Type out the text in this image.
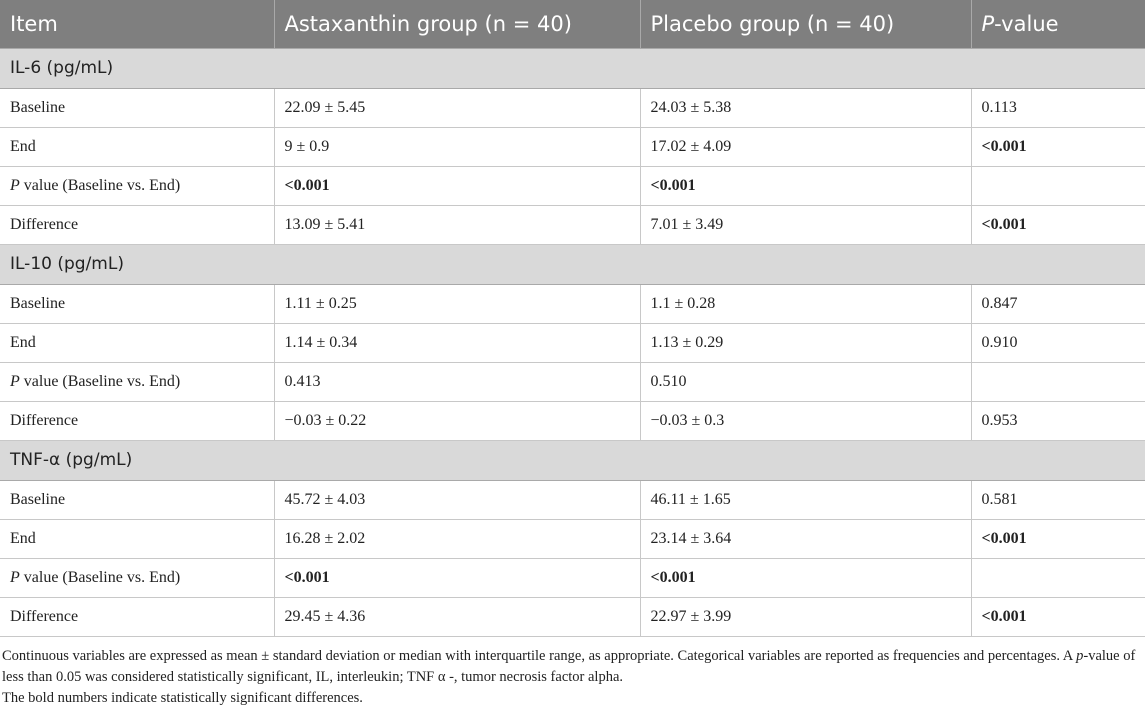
Item	Astaxanthin group (n = 40)	Placebo group (n = 40)	P-value
IL-6 (pg/mL)			
Baseline	22.09 ± 5.45	24.03 ± 5.38	0.113
End	9 ± 0.9	17.02 ± 4.09	<0.001
P value (Baseline vs. End)	<0.001	<0.001	
Difference	13.09 ± 5.41	7.01 ± 3.49	<0.001
IL-10 (pg/mL)			
Baseline	1.11 ± 0.25	1.1 ± 0.28	0.847
End	1.14 ± 0.34	1.13 ± 0.29	0.910
P value (Baseline vs. End)	0.413	0.510	
Difference	−0.03 ± 0.22	−0.03 ± 0.3	0.953
TNF-α (pg/mL)			
Baseline	45.72 ± 4.03	46.11 ± 1.65	0.581
End	16.28 ± 2.02	23.14 ± 3.64	<0.001
P value (Baseline vs. End)	<0.001	<0.001	
Difference	29.45 ± 4.36	22.97 ± 3.99	<0.001
Continuous variables are expressed as mean ± standard deviation or median with interquartile range, as appropriate. Categorical variables are reported as frequencies and percentages. A p-value of less than 0.05 was considered statistically significant, IL, interleukin; TNF α -, tumor necrosis factor alpha.
The bold numbers indicate statistically significant differences.
